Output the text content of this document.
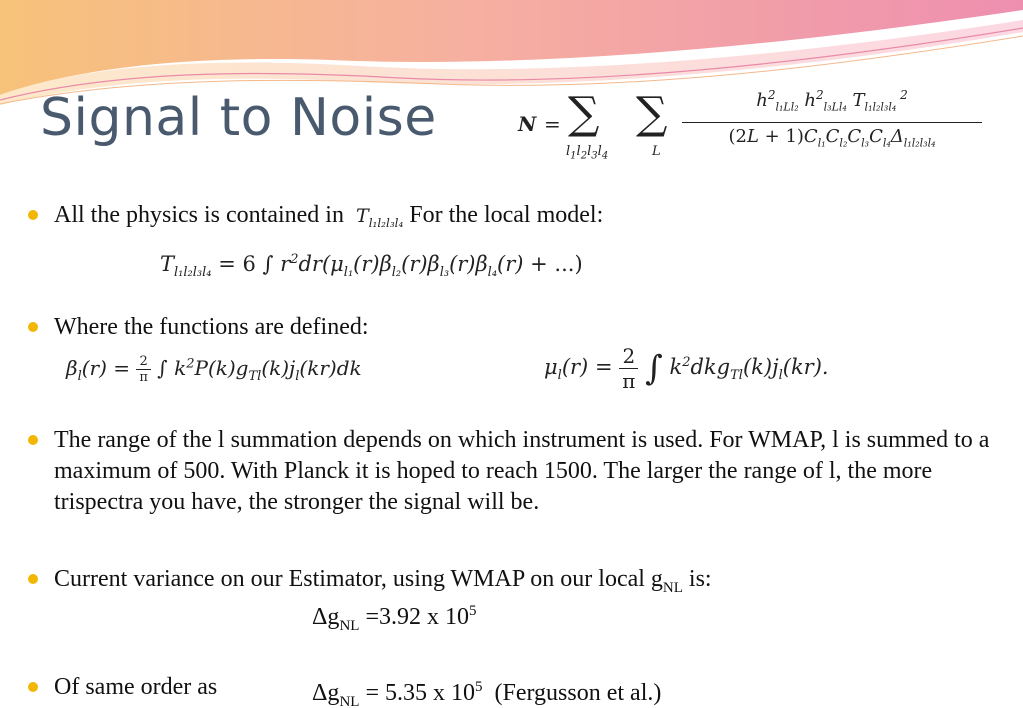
Signal to Noise	N = ∑
$l_1l_2l_3l_4$
∑
L
$h^2_{l_1Ll_2}$ $h^2_{l_3Ll_4}$ $T_{l_1l_2l_3l_4}$ $^2$
$(2L + 1)C_{l_1}C_{l_2}C_{l_3}C_{l_4}\Delta_{l_1l_2l_3l_4}$
All the physics is contained in  $T_{l_1l_2l_3l_4}$ For the local model:
$T_{l_1l_2l_3l_4} = 6$ ∫ $r^2dr(\mu_{l_1}(r)\beta_{l_2}(r)\beta_{l_3}(r)\beta_{l_4}(r)$ + ...)
Where the functions are defined:
$\beta_l(r) = \frac{2}{\pi}$ ∫ $k^2P(k)g_{Tl}(k)j_l(kr)dk$	$\mu_l(r) = \frac{2}{\pi}$ ∫ $k^2dkg_{Tl}(k)j_l(kr)$.
The range of the l summation depends on which instrument is used. For WMAP, l is summed to a maximum of 500. With Planck it is hoped to reach 1500. The larger the range of l, the more trispectra you have, the stronger the signal will be.
Current variance on our Estimator, using WMAP on our local $g_{NL}$ is:
$\Delta g_{NL} =3.92$ x $10^5$
Of same order as	$\Delta g_{NL} = 5.35$ x $10^5$ (Fergusson et al.)
